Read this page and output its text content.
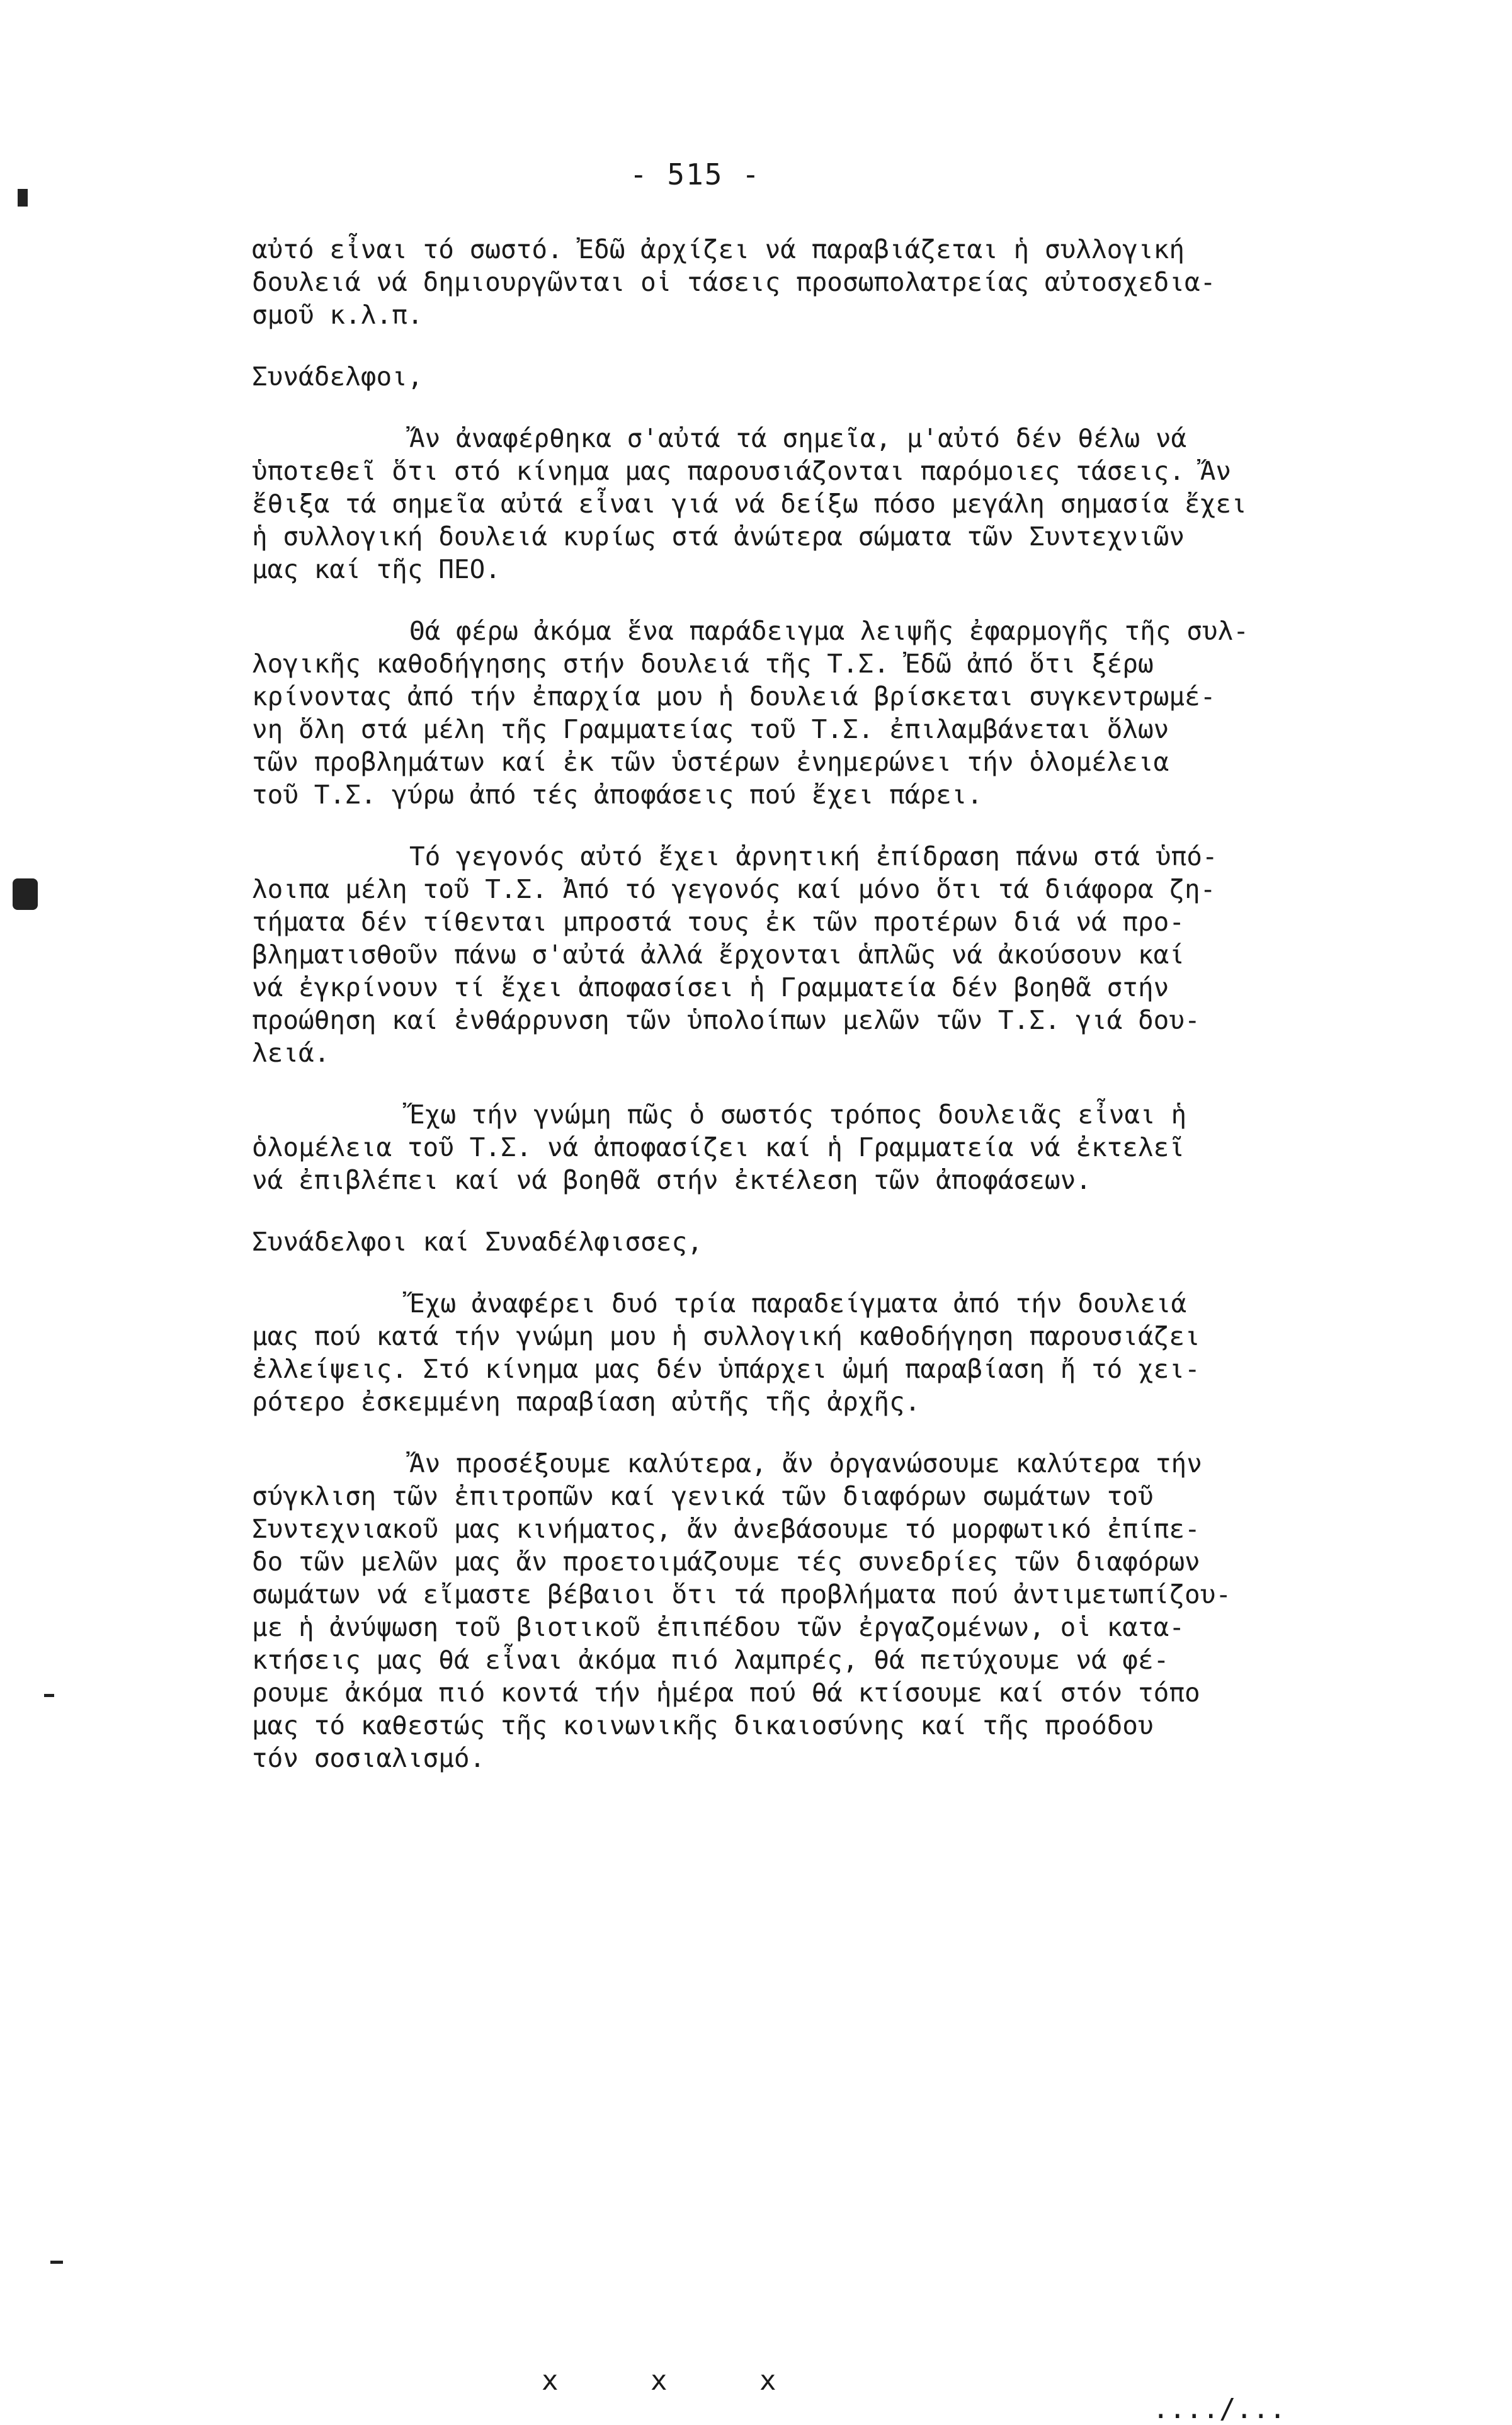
- 515 -
αὐτό εἶναι τό σωστό. Ἐδῶ ἀρχίζει νά παραβιάζεται ἡ συλλογική
δουλειά νά δημιουργῶνται οἱ τάσεις προσωπολατρείας αὐτοσχεδια-
σμοῦ κ.λ.π.
Συνάδελφοι,
Ἄν ἀναφέρθηκα σ'αὐτά τά σημεῖα, μ'αὐτό δέν θέλω νά
ὑποτεθεῖ ὅτι στό κίνημα μας παρουσιάζονται παρόμοιες τάσεις. Ἄν
ἔθιξα τά σημεῖα αὐτά εἶναι γιά νά δείξω πόσο μεγάλη σημασία ἔχει
ἡ συλλογική δουλειά κυρίως στά ἀνώτερα σώματα τῶν Συντεχνιῶν
μας καί τῆς ΠΕΟ.
Θά φέρω ἀκόμα ἕνα παράδειγμα λειψῆς ἐφαρμογῆς τῆς συλ-
λογικῆς καθοδήγησης στήν δουλειά τῆς Τ.Σ. Ἐδῶ ἀπό ὅτι ξέρω
κρίνοντας ἀπό τήν ἐπαρχία μου ἡ δουλειά βρίσκεται συγκεντρωμέ-
νη ὅλη στά μέλη τῆς Γραμματείας τοῦ Τ.Σ. ἐπιλαμβάνεται ὅλων
τῶν προβλημάτων καί ἐκ τῶν ὑστέρων ἐνημερώνει τήν ὁλομέλεια
τοῦ Τ.Σ. γύρω ἀπό τές ἀποφάσεις πού ἔχει πάρει.
Τό γεγονός αὐτό ἔχει ἀρνητική ἐπίδραση πάνω στά ὑπό-
λοιπα μέλη τοῦ Τ.Σ. Ἀπό τό γεγονός καί μόνο ὅτι τά διάφορα ζη-
τήματα δέν τίθενται μπροστά τους ἐκ τῶν προτέρων διά νά προ-
βληματισθοῦν πάνω σ'αὐτά ἀλλά ἔρχονται ἁπλῶς νά ἀκούσουν καί
νά ἐγκρίνουν τί ἔχει ἀποφασίσει ἡ Γραμματεία δέν βοηθᾶ στήν
προώθηση καί ἐνθάρρυνση τῶν ὑπολοίπων μελῶν τῶν Τ.Σ. γιά δου-
λειά.
Ἔχω τήν γνώμη πῶς ὁ σωστός τρόπος δουλειᾶς εἶναι ἡ
ὁλομέλεια τοῦ Τ.Σ. νά ἀποφασίζει καί ἡ Γραμματεία νά ἐκτελεῖ
νά ἐπιβλέπει καί νά βοηθᾶ στήν ἐκτέλεση τῶν ἀποφάσεων.
Συνάδελφοι καί Συναδέλφισσες,
Ἔχω ἀναφέρει δυό τρία παραδείγματα ἀπό τήν δουλειά
μας πού κατά τήν γνώμη μου ἡ συλλογική καθοδήγηση παρουσιάζει
ἐλλείψεις. Στό κίνημα μας δέν ὑπάρχει ὠμή παραβίαση ἤ τό χει-
ρότερο ἐσκεμμένη παραβίαση αὐτῆς τῆς ἀρχῆς.
Ἄν προσέξουμε καλύτερα, ἄν ὀργανώσουμε καλύτερα τήν
σύγκλιση τῶν ἐπιτροπῶν καί γενικά τῶν διαφόρων σωμάτων τοῦ
Συντεχνιακοῦ μας κινήματος, ἄν ἀνεβάσουμε τό μορφωτικό ἐπίπε-
δο τῶν μελῶν μας ἄν προετοιμάζουμε τές συνεδρίες τῶν διαφόρων
σωμάτων νά εἴμαστε βέβαιοι ὅτι τά προβλήματα πού ἀντιμετωπίζου-
με ἡ ἀνύψωση τοῦ βιοτικοῦ ἐπιπέδου τῶν ἐργαζομένων, οἱ κατα-
κτήσεις μας θά εἶναι ἀκόμα πιό λαμπρές, θά πετύχουμε νά φέ-
ρουμε ἀκόμα πιό κοντά τήν ἡμέρα πού θά κτίσουμε καί στόν τόπο
μας τό καθεστώς τῆς κοινωνικῆς δικαιοσύνης καί τῆς προόδου
τόν σοσιαλισμό.
x x x
..../...
